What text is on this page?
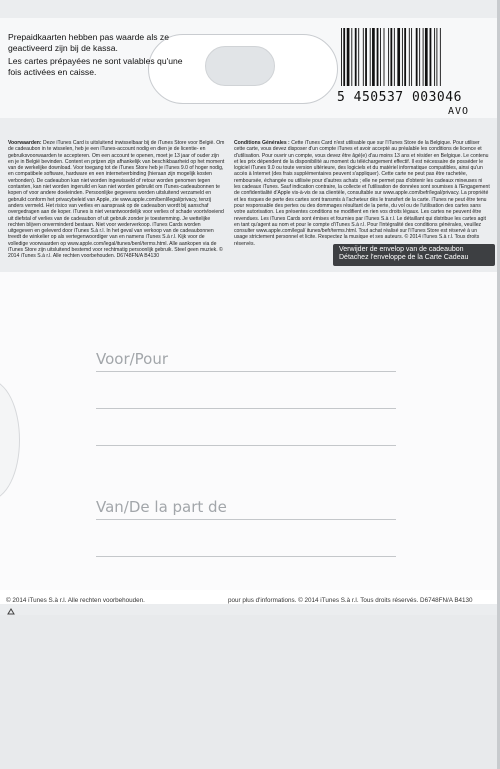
Prepaidkaarten hebben pas waarde als ze geactiveerd zijn bij de kassa.

Les cartes prépayées ne sont valables qu'une fois activées en caisse.

5 450537 003046
AVO
Voorwaarden: Deze iTunes Card is uitsluitend inwisselbaar bij de iTunes Store voor België. Om de cadeaubon in te wisselen, heb je een iTunes-account nodig en dien je de licentie- en gebruiksvoorwaarden te accepteren. Om een account te openen, moet je 13 jaar of ouder zijn en je in België bevinden. Content en prijzen zijn afhankelijk van beschikbaarheid op het moment van de werkelijke download. Voor toegang tot de iTunes Store heb je iTunes 9.0 of hoger nodig, en compatibele software, hardware en een internetverbinding (hieraan zijn mogelijk kosten verbonden). De cadeaubon kan niet worden ingewisseld of retour worden genomen tegen contanten, kan niet worden ingeruild en kan niet worden gebruikt om iTunes-cadeaubonnen te kopen of voor andere doeleinden. Persoonlijke gegevens worden uitsluitend verzameld en gebruikt conform het privacybeleid van Apple, zie www.apple.com/benl/legal/privacy, tenzij anders vermeld. Het risico van verlies en aanspraak op de cadeaubon wordt bij aanschaf overgedragen aan de koper. iTunes is niet verantwoordelijk voor verlies of schade voortvloeiend uit diefstal of verlies van de cadeaubon of uit gebruik zonder je toestemming. Je wettelijke rechten blijven onverminderd bestaan. Niet voor wederverkoop. iTunes Cards worden uitgegeven en geleverd door iTunes S.à r.l. In het geval van verkoop van de cadeaubonnen treedt de winkelier op als vertegenwoordiger van en namens iTunes S.à r.l. Kijk voor de volledige voorwaarden op www.apple.com/legal/itunes/benl/terms.html. Alle aankopen via de iTunes Store zijn uitsluitend bestemd voor rechtmatig persoonlijk gebruik. Steel geen muziek. © 2014 iTunes S.à r.l. Alle rechten voorbehouden. D6748FN/A B4130
Conditions Générales : Cette iTunes Card n'est utilisable que sur l'iTunes Store de la Belgique. Pour utiliser cette carte, vous devez disposer d'un compte iTunes et avoir accepté au préalable les conditions de licence et d'utilisation. Pour ouvrir un compte, vous devez être âgé(e) d'au moins 13 ans et résider en Belgique. Le contenu et les prix dépendent de la disponibilité au moment du téléchargement effectif. Il est nécessaire de posséder le logiciel iTunes 9.0 ou toute version ultérieure, des logiciels et du matériel informatique compatibles, ainsi qu'un accès à Internet (des frais supplémentaires peuvent s'appliquer). Cette carte ne peut pas être rachetée, remboursée, échangée ou utilisée pour d'autres achats ; elle ne permet pas d'obtenir les cadeaux mineuses ni les cadeaux iTunes. Sauf indication contraire, la collecte et l'utilisation de données sont soumises à l'Engagement de confidentialité d'Apple vis-à-vis de sa clientèle, consultable sur www.apple.com/befr/legal/privacy. La propriété et les risques de perte des cartes sont transmis à l'acheteur dès le transfert de la carte. iTunes ne peut être tenu pour responsable des pertes ou des dommages résultant de la perte, du vol ou de l'utilisation des cartes sans votre autorisation. Les présentes conditions ne modifient en rien vos droits légaux. Les cartes ne peuvent être revendues. Les iTunes Cards sont émises et fournies par iTunes S.à r.l. Le détaillant qui distribue les cartes agit en tant qu'agent au nom et pour le compte d'iTunes S.à r.l. Pour l'intégralité des conditions générales, veuillez consulter www.apple.com/legal/ itunes/befr/terms.html. Tout achat réalisé sur l'iTunes Store est réservé à un usage strictement personnel et licite. Respectez la musique et ses auteurs. © 2014 iTunes S.à r.l. Tous droits réservés.
Verwijder de envelop van de cadeaubon
Détachez l'enveloppe de la Carte Cadeau
Voor/Pour
Van/De la part de
© 2014 iTunes S.à r.l. Alle rechten voorbehouden.	pour plus d'informations. © 2014 iTunes S.à r.l. Tous droits réservés. D6748FN/A B4130
